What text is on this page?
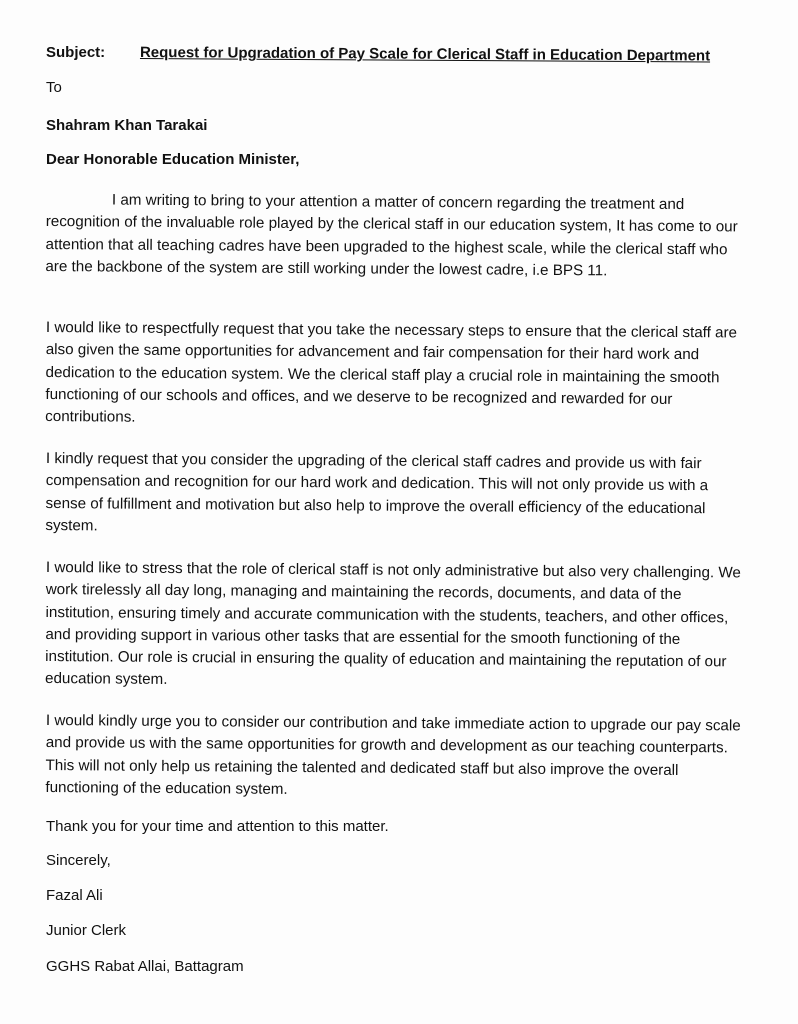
Subject: Request for Upgradation of Pay Scale for Clerical Staff in Education Department
To
Shahram Khan Tarakai
Dear Honorable Education Minister,
I am writing to bring to your attention a matter of concern regarding the treatment and recognition of the invaluable role played by the clerical staff in our education system, It has come to our attention that all teaching cadres have been upgraded to the highest scale, while the clerical staff who are the backbone of the system are still working under the lowest cadre, i.e BPS 11.
I would like to respectfully request that you take the necessary steps to ensure that the clerical staff are also given the same opportunities for advancement and fair compensation for their hard work and dedication to the education system. We the clerical staff play a crucial role in maintaining the smooth functioning of our schools and offices, and we deserve to be recognized and rewarded for our contributions.
I kindly request that you consider the upgrading of the clerical staff cadres and provide us with fair compensation and recognition for our hard work and dedication. This will not only provide us with a sense of fulfillment and motivation but also help to improve the overall efficiency of the educational system.
I would like to stress that the role of clerical staff is not only administrative but also very challenging. We work tirelessly all day long, managing and maintaining the records, documents, and data of the institution, ensuring timely and accurate communication with the students, teachers, and other offices, and providing support in various other tasks that are essential for the smooth functioning of the institution. Our role is crucial in ensuring the quality of education and maintaining the reputation of our education system.
I would kindly urge you to consider our contribution and take immediate action to upgrade our pay scale and provide us with the same opportunities for growth and development as our teaching counterparts. This will not only help us retaining the talented and dedicated staff but also improve the overall functioning of the education system.
Thank you for your time and attention to this matter.
Sincerely,
Fazal Ali
Junior Clerk
GGHS Rabat Allai, Battagram
